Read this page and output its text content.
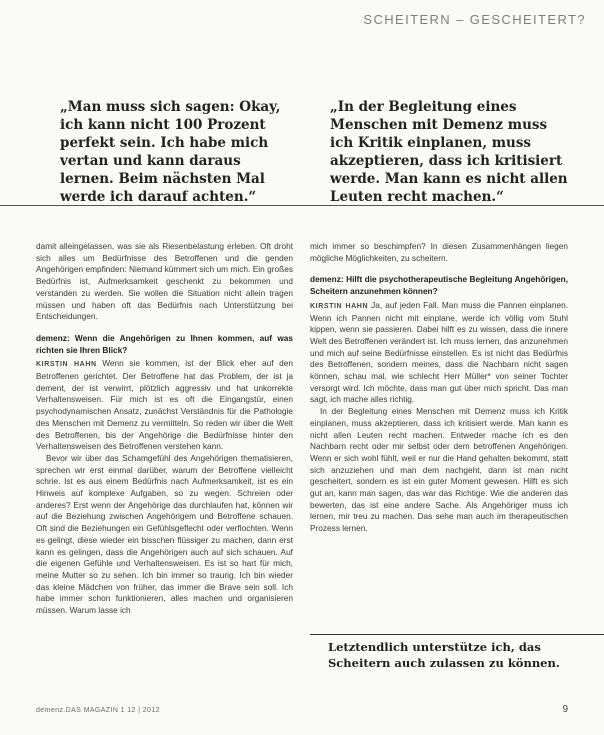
SCHEITERN – GESCHEITERT?
„Man muss sich sagen: Okay, ich kann nicht 100 Prozent perfekt sein. Ich habe mich vertan und kann daraus lernen. Beim nächsten Mal werde ich darauf achten.“
„In der Begleitung eines Menschen mit Demenz muss ich Kritik einplanen, muss akzeptieren, dass ich kritisiert werde. Man kann es nicht allen Leuten recht machen.“

damit alleingelassen, was sie als Riesenbelastung erleben. Oft droht sich alles um Bedürfnisse des Betroffenen und die genden Angehörigen empfinden: Niemand kümmert sich um mich. Ein großes Bedürfnis ist, Aufmerksamkeit geschenkt zu bekommen und verstanden zu werden. Sie wollen die Situation nicht allein tragen müssen und haben oft das Bedürfnis nach Unterstützung bei Entscheidungen.

demenz: Wenn die Angehörigen zu Ihnen kommen, auf was richten sie Ihren Blick?

KIRSTIN HAHN Wenn sie kommen, ist der Blick eher auf den Betroffenen gerichtet. Der Betroffene hat das Problem, der ist ja dement, der ist verwirrt, plötzlich aggressiv und hat unkorrekte Verhaltensweisen. Für mich ist es oft die Eingangstür, einen psychodynamischen Ansatz, zunächst Verständnis für die Pathologie des Menschen mit Demenz zu vermitteln. So reden wir über die Welt des Betroffenen, bis der Angehörige die Bedürfnisse hinter den Verhaltensweisen des Betroffenen verstehen kann.

Bevor wir über das Schamgefühl des Angehörigen thematisieren, sprechen wir erst einmal darüber, warum der Betroffene vielleicht schrie. Ist es aus einem Bedürfnis nach Aufmerksamkeit, ist es ein Hinweis auf komplexe Aufgaben, so zu wegen. Schreien oder anderes? Erst wenn der Angehörige das durchlaufen hat, können wir auf die Beziehung zwischen Angehörigem und Betroffene schauen. Oft sind die Beziehungen ein Gefühlsgeflecht oder verflochten. Wenn es gelingt, diese wieder ein bisschen flüssiger zu machen, dann erst kann es gelingen, dass die Angehörigen auch auf sich schauen. Auf die eigenen Gefühle und Verhaltensweisen. Es ist so hart für mich, meine Mutter so zu sehen. Ich bin immer so traurig. Ich bin wieder das kleine Mädchen von früher, das immer die Brave sein soll. Ich habe immer schon funktionieren, alles machen und organisieren müssen. Warum lasse ich

mich immer so beschimpfen? In diesen Zusammenhängen liegen mögliche Möglichkeiten, zu scheitern.

demenz: Hilft die psychotherapeutische Begleitung Angehörigen, Scheitern anzunehmen können?

KIRSTIN HAHN Ja, auf jeden Fall. Man muss die Pannen einplanen. Wenn ich Pannen nicht mit einplane, werde ich völlig vom Stuhl kippen, wenn sie passieren. Dabei hilft es zu wissen, dass die innere Welt des Betroffenen verändert ist. Ich muss lernen, das anzunehmen und mich auf seine Bedürfnisse einstellen. Es ist nicht das Bedürfnis des Betroffenen, sondern meines, dass die Nachbarn nicht sagen können, schau mal, wie schlecht Herr Müller* von seiner Tochter versorgt wird. Ich möchte, dass man gut über mich spricht. Das man sagt, ich mache alles richtig.

In der Begleitung eines Menschen mit Demenz muss ich Kritik einplanen, muss akzeptieren, dass ich kritisiert werde. Man kann es nicht allen Leuten recht machen. Entweder mache ich es den Nachbarn recht oder mir selbst oder dem betroffenen Angehörigen. Wenn er sich wohl fühlt, weil er nur die Hand gehalten bekommt, statt sich anzuziehen und man dem nachgeht, dann ist man nicht gescheitert, sondern es ist ein guter Moment gewesen. Hilft es sich gut an, kann man sagen, das war das Richtige. Wie die anderen das bewerten, das ist eine andere Sache. Als Angehöriger muss ich lernen, mir treu zu machen. Das sehe man auch im therapeutischen Prozess lernen.

Letztendlich unterstütze ich, das Scheitern auch zulassen zu können.
demenz.DAS MAGAZIN 1 12 | 2012	9
